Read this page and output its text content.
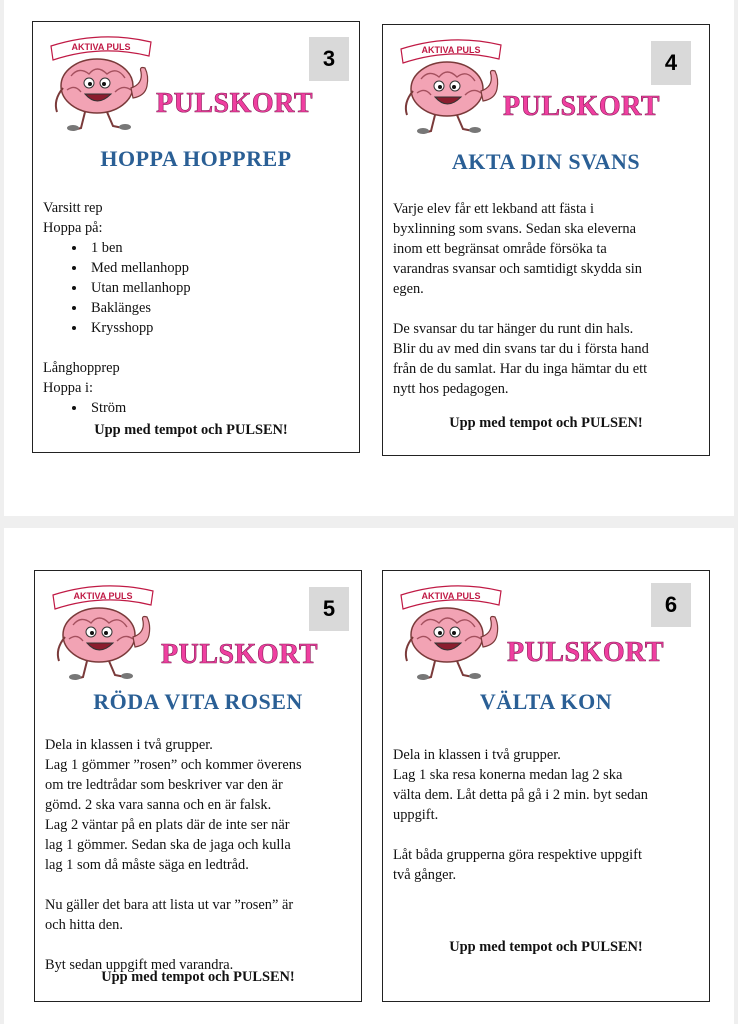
AKTIVA PULS	3
PULSKORT
HOPPA HOPPREP

Varsitt rep

Hoppa på:

• 1 ben
• Med mellanhopp
• Utan mellanhopp
• Baklänges
• Krysshopp

Långhopprep

Hoppa i:

• Ström
Upp med tempot och PULSEN!
AKTIVA PULS	4
PULSKORT
AKTA DIN SVANS

Varje elev får ett lekband att fästa i
byxlinning som svans. Sedan ska eleverna
inom ett begränsat område försöka ta
varandras svansar och samtidigt skydda sin
egen.

De svansar du tar hänger du runt din hals.
Blir du av med din svans tar du i första hand
från de du samlat. Har du inga hämtar du ett
nytt hos pedagogen.

Upp med tempot och PULSEN!
AKTIVA PULS	5
PULSKORT
RÖDA VITA ROSEN

Dela in klassen i två grupper.
Lag 1 gömmer ”rosen” och kommer överens
om tre ledtrådar som beskriver var den är
gömd. 2 ska vara sanna och en är falsk.
Lag 2 väntar på en plats där de inte ser när
lag 1 gömmer. Sedan ska de jaga och kulla
lag 1 som då måste säga en ledtråd.

Nu gäller det bara att lista ut var ”rosen” är
och hitta den.

Byt sedan uppgift med varandra.

Upp med tempot och PULSEN!
AKTIVA PULS	6
PULSKORT
VÄLTA KON

Dela in klassen i två grupper.
Lag 1 ska resa konerna medan lag 2 ska
välta dem. Låt detta på gå i 2 min. byt sedan
uppgift.

Låt båda grupperna göra respektive uppgift
två gånger.

Upp med tempot och PULSEN!
